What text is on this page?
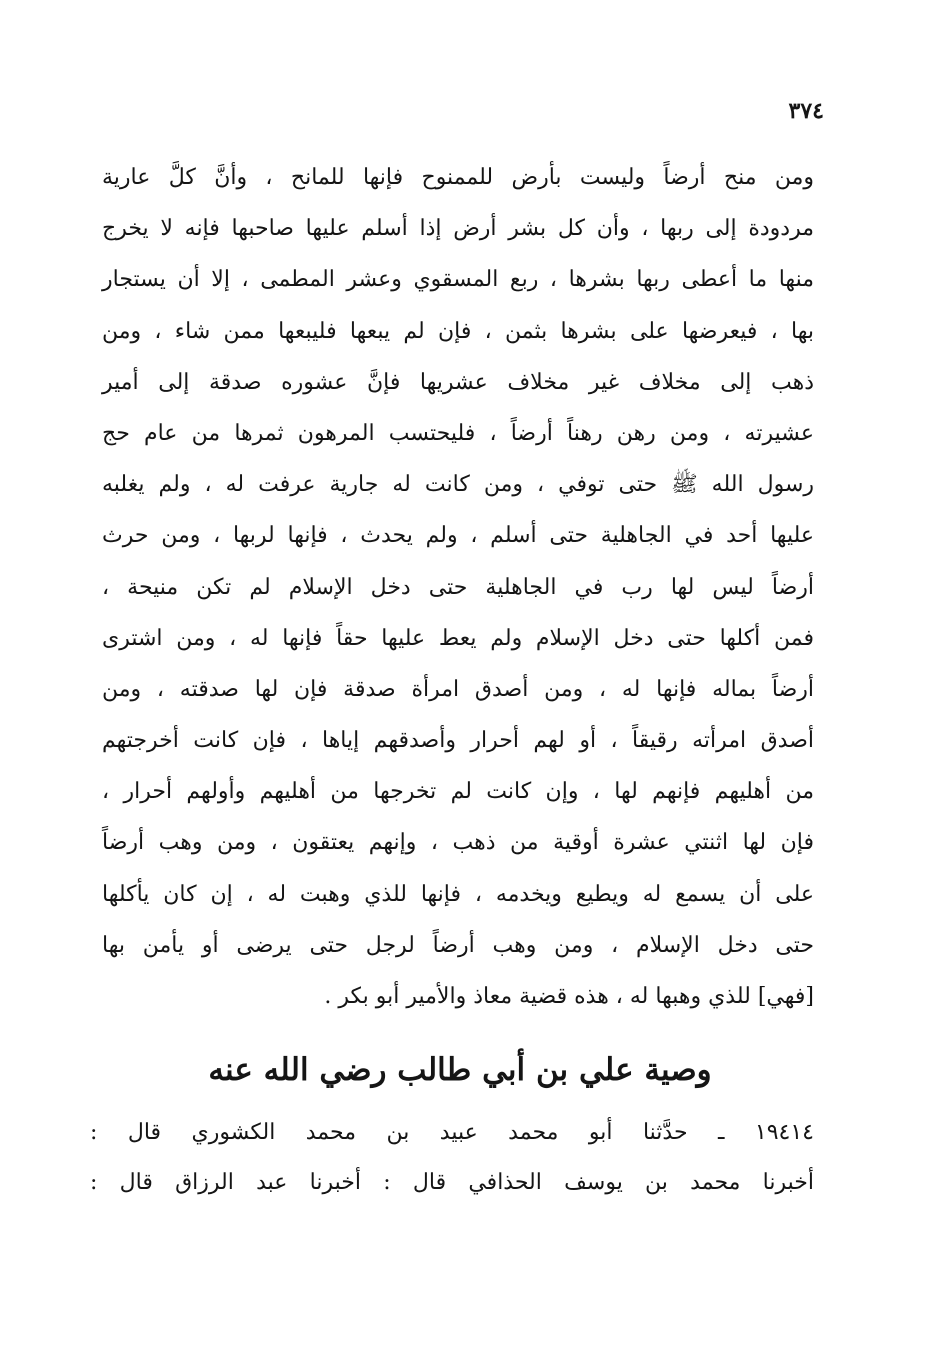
٣٧٤
ومن منح أرضاً وليست بأرض للممنوح فإنها للمانح ، وأنَّ كلَّ عارية
مردودة إلى ربها ، وأن كل بشر أرض إذا أسلم عليها صاحبها فإنه لا يخرج
منها ما أعطى ربها بشرها ، ربع المسقوي وعشر المطمى ، إلا أن يستجار
بها ، فيعرضها على بشرها بثمن ، فإن لم يبعها فليبعها ممن شاء ، ومن
ذهب إلى مخلاف غير مخلاف عشريها فإنَّ عشوره صدقة إلى أمير
عشيرته ، ومن رهن رهناً أرضاً ، فليحتسب المرهون ثمرها من عام حج
رسول الله ﷺ حتى توفي ، ومن كانت له جارية عرفت له ، ولم يغلبه
عليها أحد في الجاهلية حتى أسلم ، ولم يحدث ، فإنها لربها ، ومن حرث
أرضاً ليس لها رب في الجاهلية حتى دخل الإسلام لم تكن منيحة ،
فمن أكلها حتى دخل الإسلام ولم يعط عليها حقاً فإنها له ، ومن اشترى
أرضاً بماله فإنها له ، ومن أصدق امرأة صدقة فإن لها صدقته ، ومن
أصدق امرأته رقيقاً ، أو لهم أحرار وأصدقهم إياها ، فإن كانت أخرجتهم
من أهليهم فإنهم لها ، وإن كانت لم تخرجها من أهليهم وأولهم أحرار ،
فإن لها اثنتي عشرة أوقية من ذهب ، وإنهم يعتقون ، ومن وهب أرضاً
على أن يسمع له ويطيع ويخدمه ، فإنها للذي وهبت له ، إن كان يأكلها
حتى دخل الإسلام ، ومن وهب أرضاً لرجل حتى يرضى أو يأمن بها
[فهي] للذي وهبها له ، هذه قضية معاذ والأمير أبو بكر .
وصية علي بن أبي طالب رضي الله عنه
١٩٤١٤ ـ حدَّثنا أبو محمد عبيد بن محمد الكشوري قال :
أخبرنا محمد بن يوسف الحذافي قال : أخبرنا عبد الرزاق قال :
